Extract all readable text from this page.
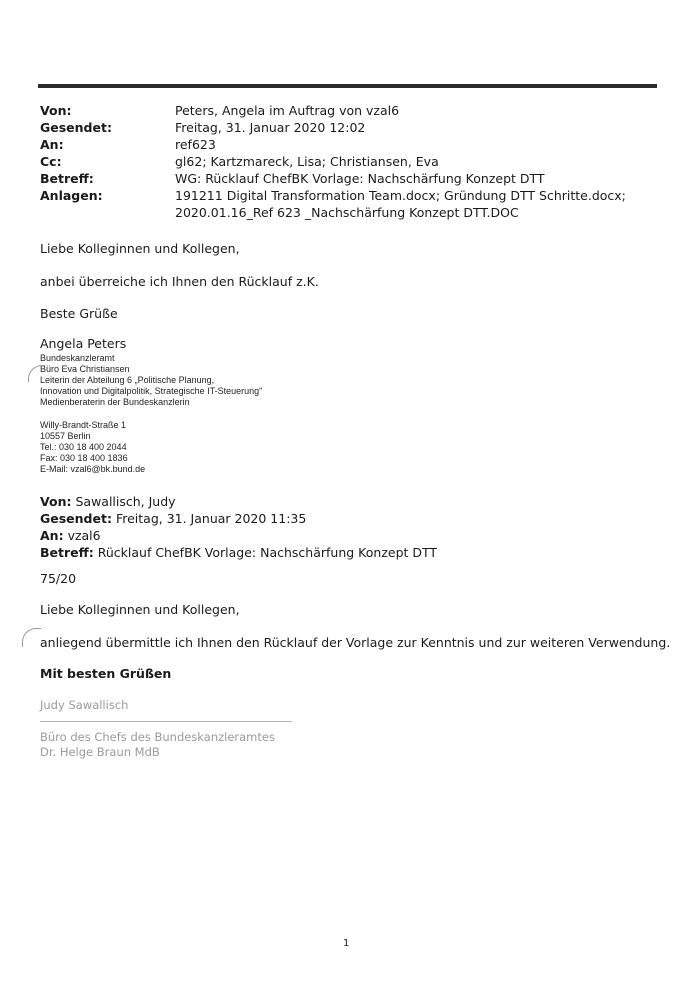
Von:	Peters, Angela im Auftrag von vzal6
Gesendet:	Freitag, 31. Januar 2020 12:02
An:	ref623
Cc:	gl62; Kartzmareck, Lisa; Christiansen, Eva
Betreff:	WG: Rücklauf ChefBK Vorlage: Nachschärfung Konzept DTT
Anlagen:	191211 Digital Transformation Team.docx; Gründung DTT Schritte.docx; 2020.01.16_Ref 623 _Nachschärfung Konzept DTT.DOC
Liebe Kolleginnen und Kollegen,
anbei überreiche ich Ihnen den Rücklauf z.K.
Beste Grüße
Angela Peters
Bundeskanzleramt
Büro Eva Christiansen
Leiterin der Abteilung 6 „Politische Planung,
Innovation und Digitalpolitik, Strategische IT-Steuerung"
Medienberaterin der Bundeskanzlerin
Willy-Brandt-Straße 1
10557 Berlin
Tel.: 030 18 400 2044
Fax: 030 18 400 1836
E-Mail: vzal6@bk.bund.de
Von: Sawallisch, Judy
Gesendet: Freitag, 31. Januar 2020 11:35
An: vzal6
Betreff: Rücklauf ChefBK Vorlage: Nachschärfung Konzept DTT
75/20
Liebe Kolleginnen und Kollegen,
anliegend übermittle ich Ihnen den Rücklauf der Vorlage zur Kenntnis und zur weiteren Verwendung.
Mit besten Grüßen
Judy Sawallisch
Büro des Chefs des Bundeskanzleramtes
Dr. Helge Braun MdB
1
